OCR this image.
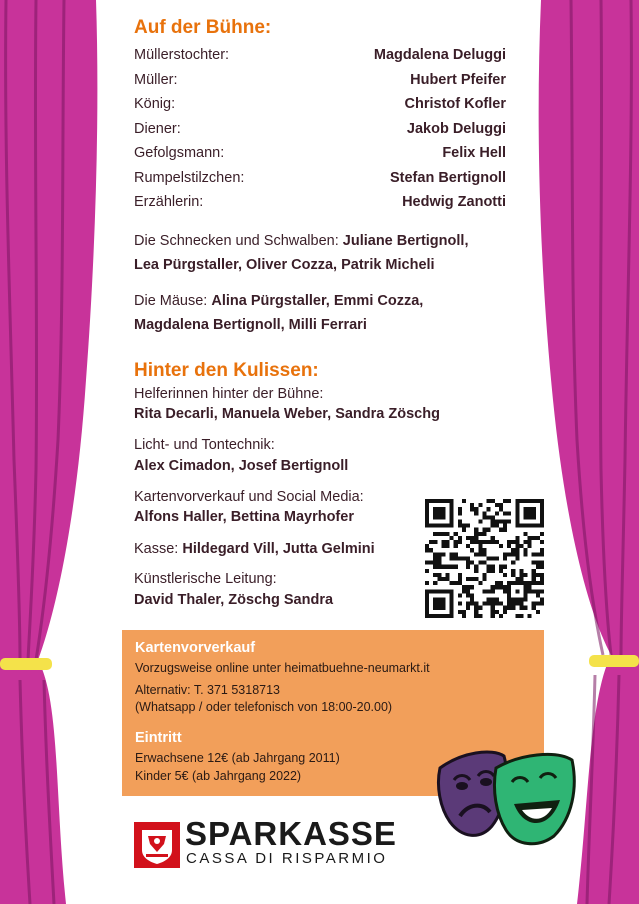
Auf der Bühne:
Müllerstochter:	Magdalena Deluggi
Müller:	Hubert Pfeifer
König:	Christof Kofler
Diener:	Jakob Deluggi
Gefolgsmann:	Felix Hell
Rumpelstilzchen:	Stefan Bertignoll
Erzählerin:	Hedwig Zanotti
Die Schnecken und Schwalben: Juliane Bertignoll,
Lea Pürgstaller, Oliver Cozza, Patrik Micheli
Die Mäuse: Alina Pürgstaller, Emmi Cozza,
Magdalena Bertignoll, Milli Ferrari
Hinter den Kulissen:
Helferinnen hinter der Bühne:
Rita Decarli, Manuela Weber, Sandra Zöschg
Licht- und Tontechnik:
Alex Cimadon, Josef Bertignoll
Kartenvorverkauf und Social Media:
Alfons Haller, Bettina Mayrhofer
Kasse: Hildegard Vill, Jutta Gelmini
Künstlerische Leitung:
David Thaler, Zöschg Sandra
Kartenvorverkauf
Vorzugsweise online unter heimatbuehne-neumarkt.it
Alternativ: T. 371 5318713
(Whatsapp / oder telefonisch von 18:00-20.00)
Eintritt
Erwachsene 12€ (ab Jahrgang 2011)
Kinder 5€ (ab Jahrgang 2022)
SPARKASSE
CASSA DI RISPARMIO
